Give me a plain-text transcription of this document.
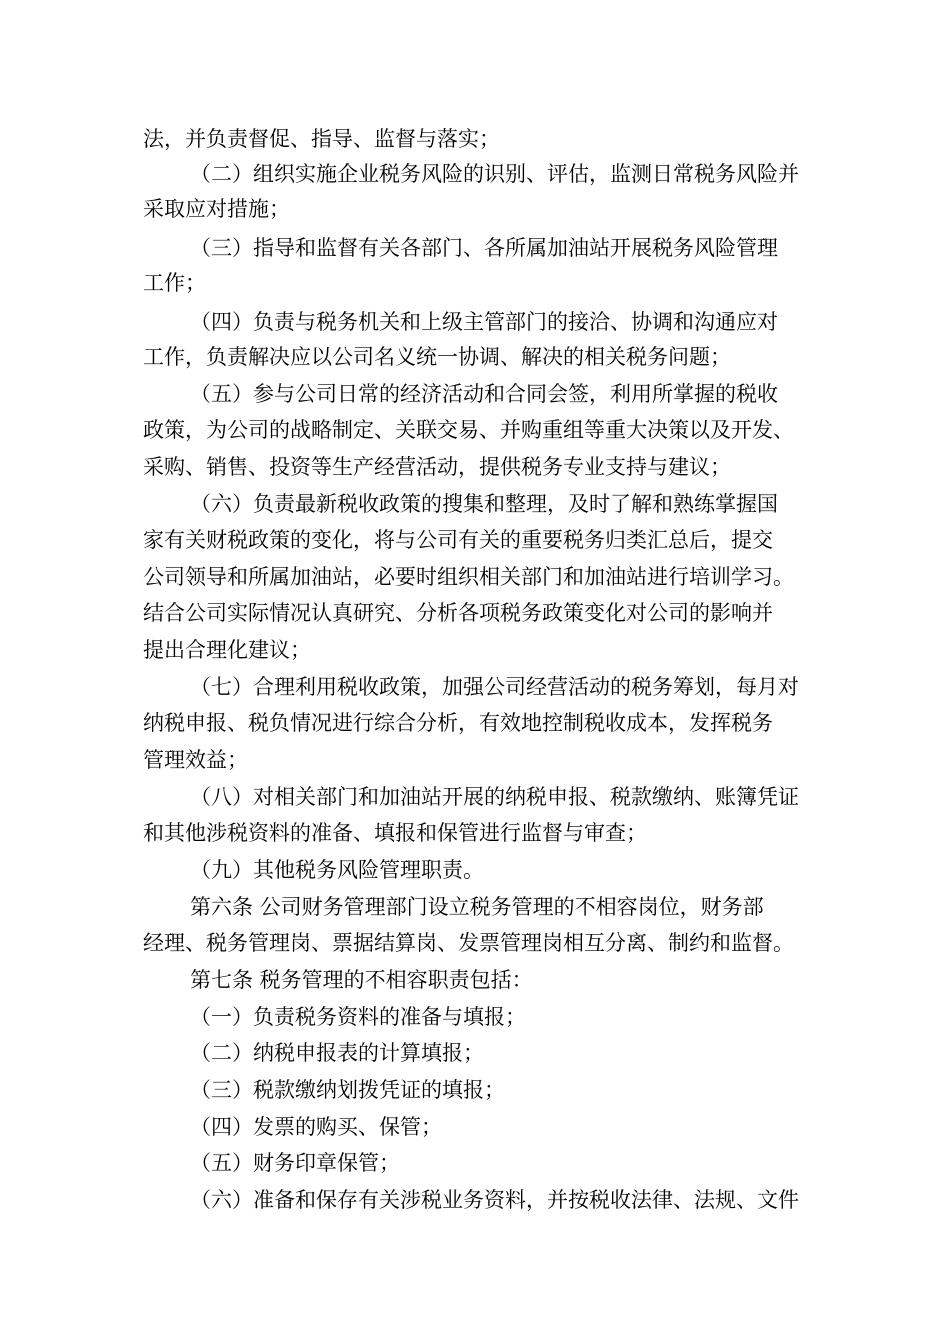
法，并负责督促、指导、监督与落实；
（二）组织实施企业税务风险的识别、评估，监测日常税务风险并
采取应对措施；
（三）指导和监督有关各部门、各所属加油站开展税务风险管理
工作；
（四）负责与税务机关和上级主管部门的接洽、协调和沟通应对
工作，负责解决应以公司名义统一协调、解决的相关税务问题；
（五）参与公司日常的经济活动和合同会签，利用所掌握的税收
政策，为公司的战略制定、关联交易、并购重组等重大决策以及开发、
采购、销售、投资等生产经营活动，提供税务专业支持与建议；
（六）负责最新税收政策的搜集和整理，及时了解和熟练掌握国
家有关财税政策的变化，将与公司有关的重要税务归类汇总后，提交
公司领导和所属加油站，必要时组织相关部门和加油站进行培训学习。
结合公司实际情况认真研究、分析各项税务政策变化对公司的影响并
提出合理化建议；
（七）合理利用税收政策，加强公司经营活动的税务筹划，每月对
纳税申报、税负情况进行综合分析，有效地控制税收成本，发挥税务
管理效益；
（八）对相关部门和加油站开展的纳税申报、税款缴纳、账簿凭证
和其他涉税资料的准备、填报和保管进行监督与审查；
（九）其他税务风险管理职责。
第六条 公司财务管理部门设立税务管理的不相容岗位，财务部
经理、税务管理岗、票据结算岗、发票管理岗相互分离、制约和监督。
第七条 税务管理的不相容职责包括：
（一）负责税务资料的准备与填报；
（二）纳税申报表的计算填报；
（三）税款缴纳划拨凭证的填报；
（四）发票的购买、保管；
（五）财务印章保管；
（六）准备和保存有关涉税业务资料，并按税收法律、法规、文件
